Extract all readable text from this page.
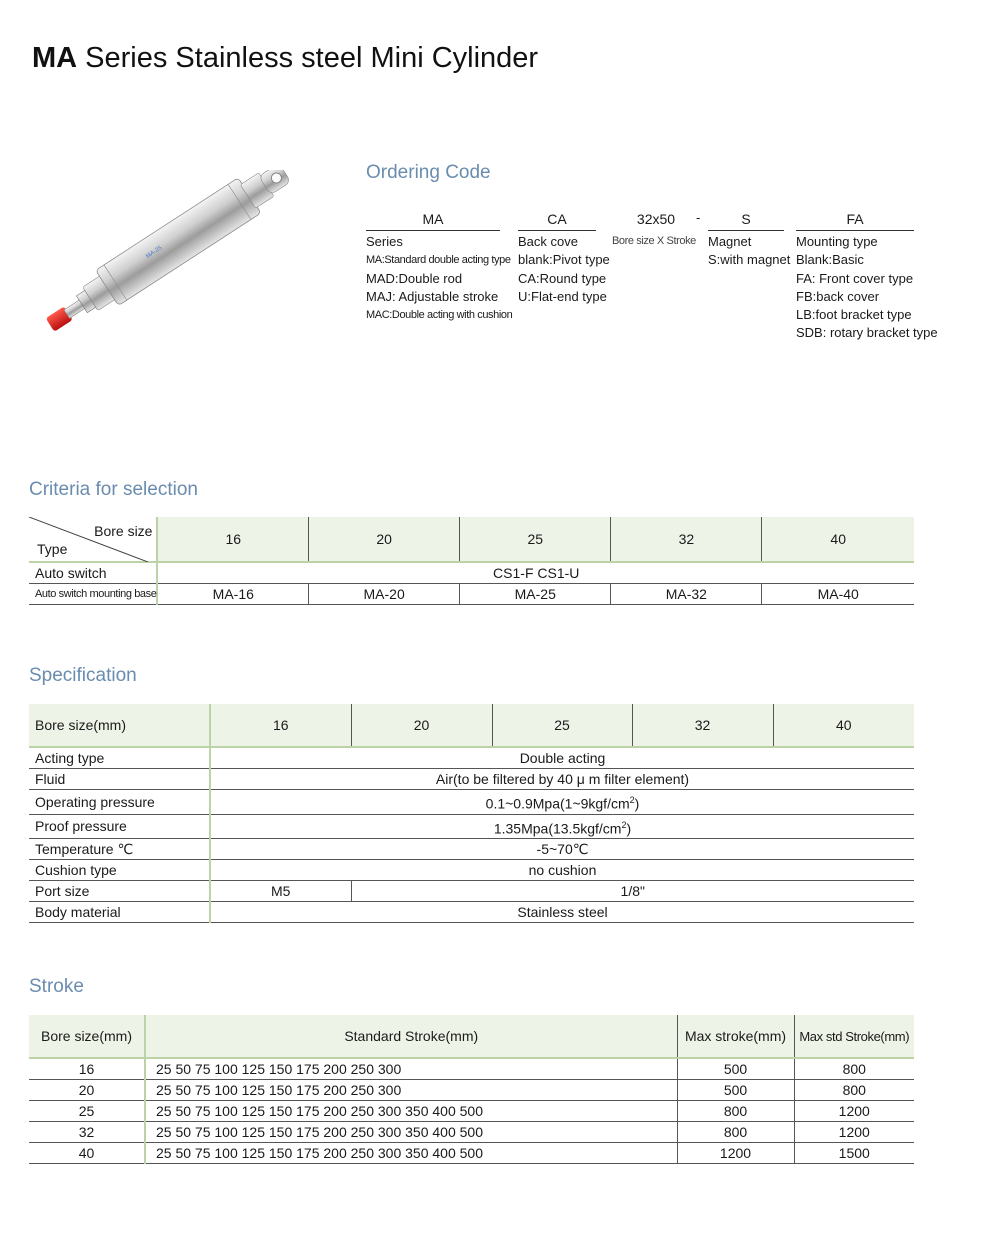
MA Series Stainless steel Mini Cylinder
MA-25
Ordering Code
MA
Series
MA:Standard double acting type
MAD:Double rod
MAJ: Adjustable stroke
MAC:Double acting with cushion
CA
Back cove
blank:Pivot type
CA:Round type
U:Flat-end type
32x50
Bore size X Stroke
-	S
Magnet
S:with magnet
FA
Mounting type
Blank:Basic
FA: Front cover type
FB:back cover
LB:foot bracket type
SDB: rotary bracket type
Criteria for selection
Bore size
Type	16	20	25	32	40
Auto switch	CS1-F CS1-U				
Auto switch mounting base	MA-16	MA-20	MA-25	MA-32	MA-40
Specification
Bore size(mm)	16	20	25	32	40
Acting type	Double acting				
Fluid	Air(to be filtered by 40 μ m filter element)				
Operating pressure	$0.1\sim 0.9Mpa(1\sim 9kgf/cm^2)$				
Proof pressure	$1.35Mpa(13.5kgf/cm^2)$				
Temperature ℃	-5~70℃				
Cushion type	no cushion				
Port size	M5	1/8"			
Body material	Stainless steel				
Stroke
Bore size(mm)	Standard Stroke(mm)	Max stroke(mm)	Max std Stroke(mm)
16	25 50 75 100 125 150 175 200 250 300	500	800
20	25 50 75 100 125 150 175 200 250 300	500	800
25	25 50 75 100 125 150 175 200 250 300 350 400 500	800	1200
32	25 50 75 100 125 150 175 200 250 300 350 400 500	800	1200
40	25 50 75 100 125 150 175 200 250 300 350 400 500	1200	1500
